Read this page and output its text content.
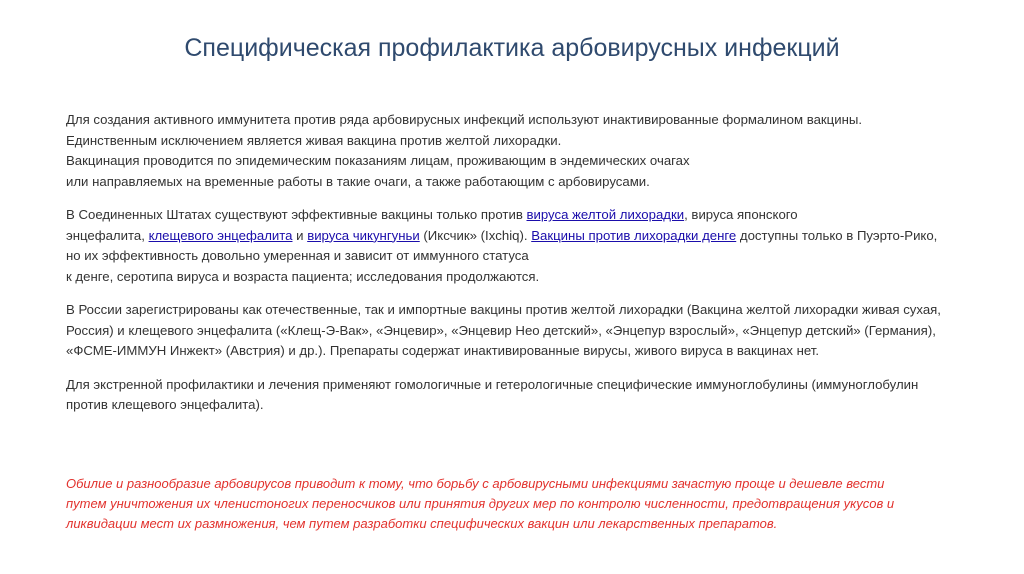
Специфическая профилактика арбовирусных инфекций
Для создания активного иммунитета против ряда арбовирусных инфекций используют инактивированные формалином вакцины.
Единственным исключением является живая вакцина против желтой лихорадки.
Вакцинация проводится по эпидемическим показаниям лицам, проживающим в эндемических очагах
или направляемых на временные работы в такие очаги, а также работающим с арбовирусами.
В Соединенных Штатах существуют эффективные вакцины только против вируса желтой лихорадки, вируса японского
энцефалита, клещевого энцефалита и вируса чикунгуньи (Иксчик» (Ixchiq). Вакцины против лихорадки денге доступны только в Пуэрто-Рико,
но их эффективность довольно умеренная и зависит от иммунного статуса
к денге, серотипа вируса и возраста пациента; исследования продолжаются.
В России зарегистрированы как отечественные, так и импортные вакцины против желтой лихорадки (Вакцина желтой лихорадки живая сухая,
Россия) и клещевого энцефалита («Клещ-Э-Вак», «Энцевир», «Энцевир Нео детский», «Энцепур взрослый», «Энцепур детский» (Германия),
«ФСМЕ-ИММУН Инжект» (Австрия) и др.). Препараты содержат инактивированные вирусы, живого вируса в вакцинах нет.
Для экстренной профилактики и лечения применяют гомологичные и гетерологичные специфические иммуноглобулины (иммуноглобулин
против клещевого энцефалита).
Обилие и разнообразие арбовирусов приводит к тому, что борьбу с арбовирусными инфекциями зачастую проще и дешевле вести
путем уничтожения их членистоногих переносчиков или принятия других мер по контролю численности, предотвращения укусов и
ликвидации мест их размножения, чем путем разработки специфических вакцин или лекарственных препаратов.
